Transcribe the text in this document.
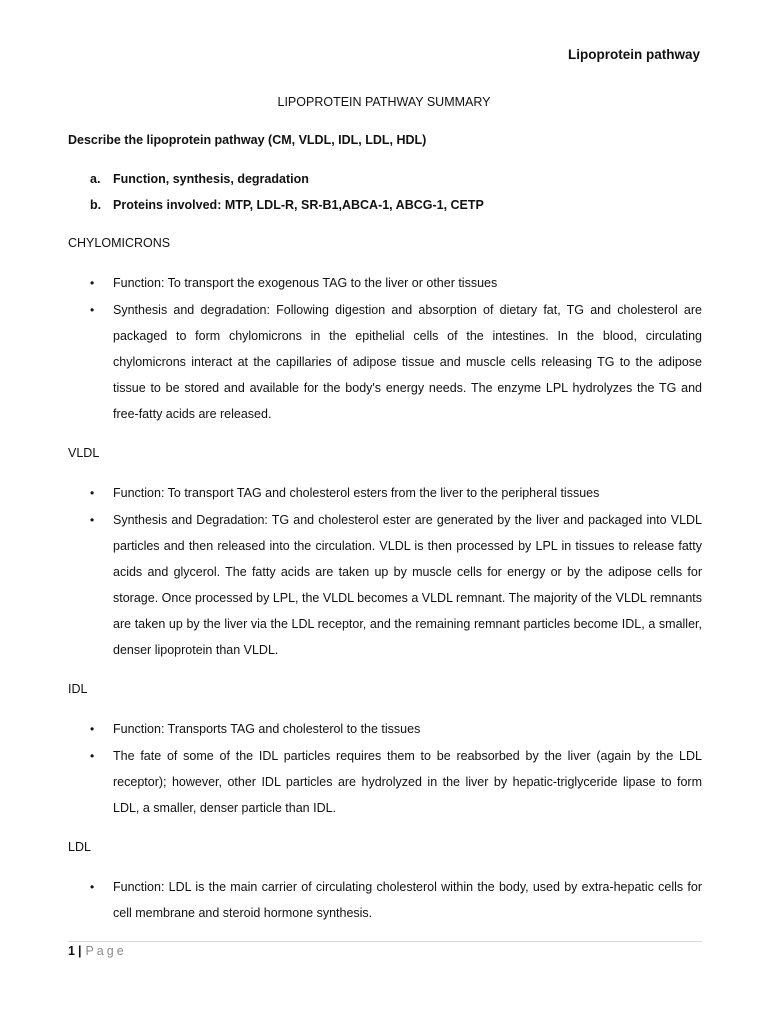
Lipoprotein pathway
LIPOPROTEIN PATHWAY SUMMARY
Describe the lipoprotein pathway (CM, VLDL, IDL, LDL, HDL)
a.	Function, synthesis, degradation
b. Proteins involved: MTP, LDL-R, SR-B1,ABCA-1, ABCG-1, CETP
CHYLOMICRONS
•	Function: To transport the exogenous TAG to the liver or other tissues
•	Synthesis and degradation: Following digestion and absorption of dietary fat, TG and cholesterol are packaged to form chylomicrons in the epithelial cells of the intestines. In the blood, circulating chylomicrons interact at the capillaries of adipose tissue and muscle cells releasing TG to the adipose tissue to be stored and available for the body's energy needs. The enzyme LPL hydrolyzes the TG and free-fatty acids are released.
VLDL
•	Function: To transport TAG and cholesterol esters from the liver to the peripheral tissues
•	Synthesis and Degradation: TG and cholesterol ester are generated by the liver and packaged into VLDL particles and then released into the circulation. VLDL is then processed by LPL in tissues to release fatty acids and glycerol. The fatty acids are taken up by muscle cells for energy or by the adipose cells for storage. Once processed by LPL, the VLDL becomes a VLDL remnant. The majority of the VLDL remnants are taken up by the liver via the LDL receptor, and the remaining remnant particles become IDL, a smaller, denser lipoprotein than VLDL.
IDL
•	Function: Transports TAG and cholesterol to the tissues
•	The fate of some of the IDL particles requires them to be reabsorbed by the liver (again by the LDL receptor); however, other IDL particles are hydrolyzed in the liver by hepatic-triglyceride lipase to form LDL, a smaller, denser particle than IDL.
LDL
•	Function: LDL is the main carrier of circulating cholesterol within the body, used by extra-hepatic cells for cell membrane and steroid hormone synthesis.
1 | Page
